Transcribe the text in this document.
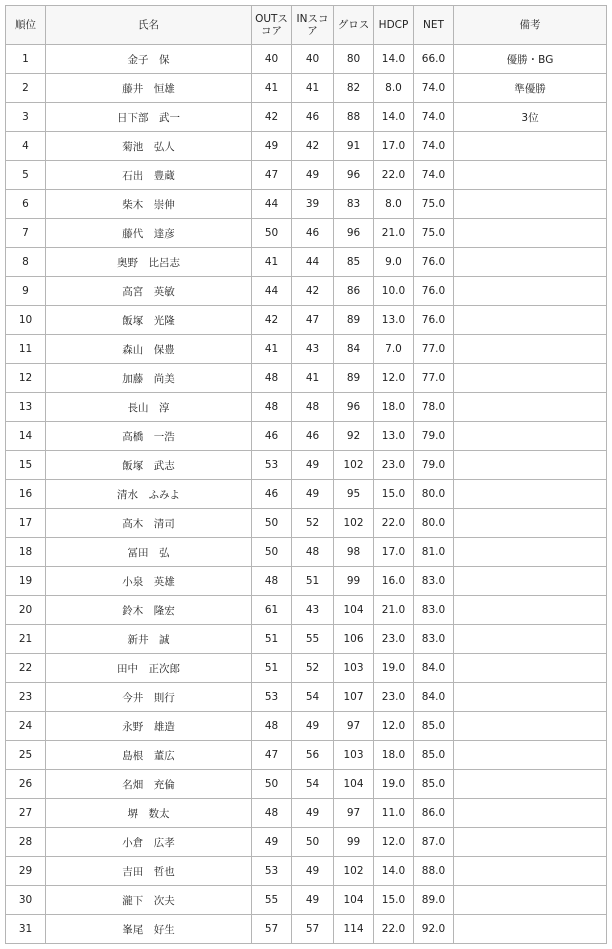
順位	氏名	OUTスコア	INスコア	グロス	HDCP	NET	備考
1	金子　保	40	40	80	14.0	66.0	優勝・BG
2	藤井　恒雄	41	41	82	8.0	74.0	準優勝
3	日下部　武一	42	46	88	14.0	74.0	3位
4	菊池　弘人	49	42	91	17.0	74.0	
5	石出　豊蔵	47	49	96	22.0	74.0	
6	柴木　崇伸	44	39	83	8.0	75.0	
7	藤代　達彦	50	46	96	21.0	75.0	
8	奥野　比呂志	41	44	85	9.0	76.0	
9	高宮　英敏	44	42	86	10.0	76.0	
10	飯塚　光隆	42	47	89	13.0	76.0	
11	森山　保豊	41	43	84	7.0	77.0	
12	加藤　尚美	48	41	89	12.0	77.0	
13	長山　淳	48	48	96	18.0	78.0	
14	高橋　一浩	46	46	92	13.0	79.0	
15	飯塚　武志	53	49	102	23.0	79.0	
16	清水　ふみよ	46	49	95	15.0	80.0	
17	高木　清司	50	52	102	22.0	80.0	
18	冨田　弘	50	48	98	17.0	81.0	
19	小泉　英雄	48	51	99	16.0	83.0	
20	鈴木　隆宏	61	43	104	21.0	83.0	
21	新井　誠	51	55	106	23.0	83.0	
22	田中　正次郎	51	52	103	19.0	84.0	
23	今井　則行	53	54	107	23.0	84.0	
24	永野　雄造	48	49	97	12.0	85.0	
25	島根　董広	47	56	103	18.0	85.0	
26	名畑　充倫	50	54	104	19.0	85.0	
27	堺　数太	48	49	97	11.0	86.0	
28	小倉　広孝	49	50	99	12.0	87.0	
29	吉田　哲也	53	49	102	14.0	88.0	
30	瀧下　次夫	55	49	104	15.0	89.0	
31	峯尾　好生	57	57	114	22.0	92.0	
